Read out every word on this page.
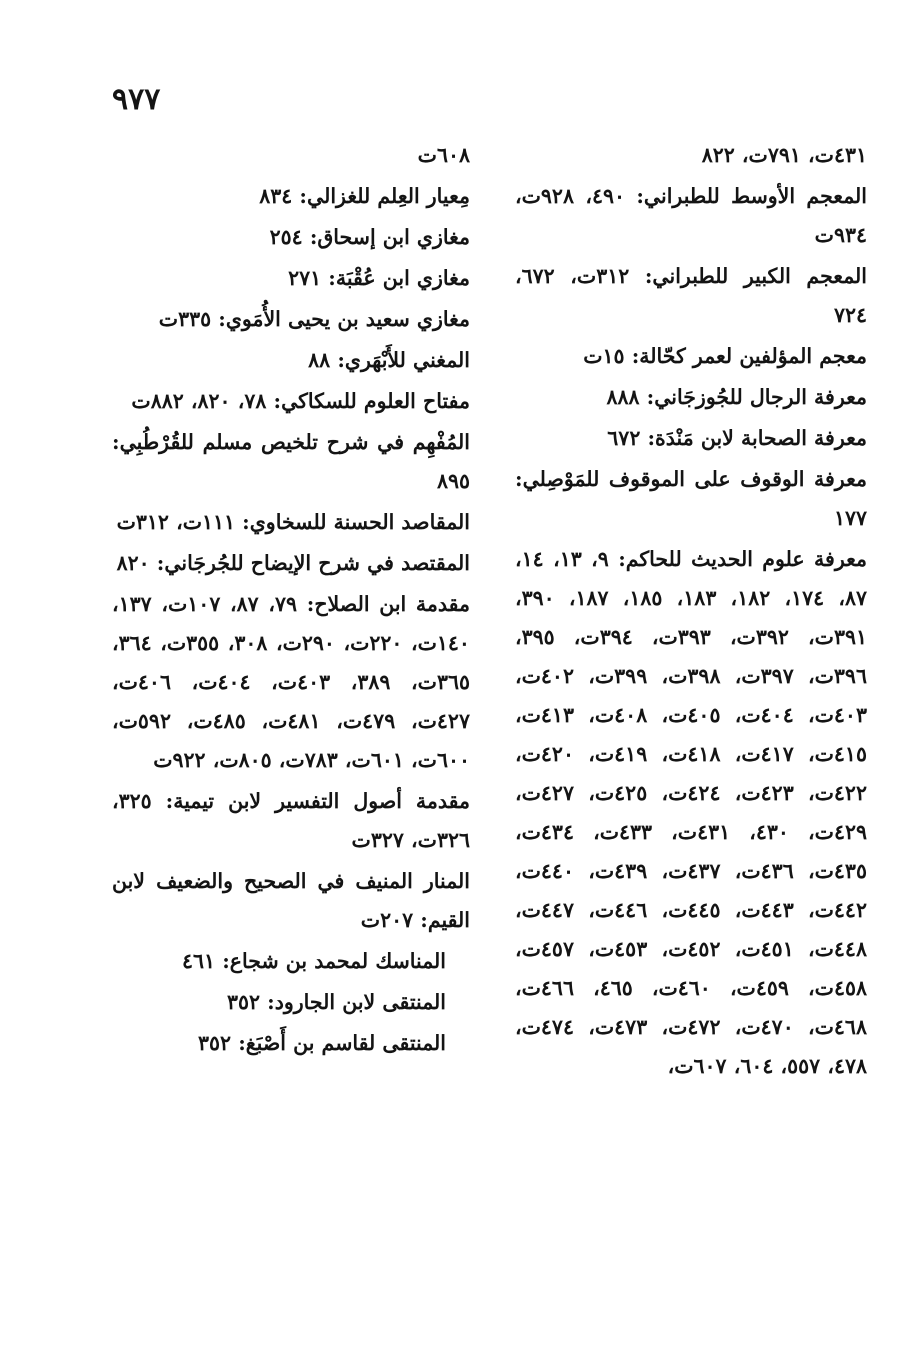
٩٧٧

٤٣١ت، ٧٩١ت، ٨٢٢

المعجم الأوسط للطبراني: ٤٩٠، ٩٢٨ت، ٩٣٤ت

المعجم الكبير للطبراني: ٣١٢ت، ٦٧٢، ٧٢٤

معجم المؤلفين لعمر كحّالة: ١٥ت

معرفة الرجال للجُوزجَاني: ٨٨٨

معرفة الصحابة لابن مَنْدَة: ٦٧٢

معرفة الوقوف على الموقوف للمَوْصِلي: ١٧٧

معرفة علوم الحديث للحاكم: ٩، ١٣، ١٤، ٨٧، ١٧٤، ١٨٢، ١٨٣، ١٨٥، ١٨٧، ٣٩٠، ٣٩١ت، ٣٩٢ت، ٣٩٣ت، ٣٩٤ت، ٣٩٥، ٣٩٦ت، ٣٩٧ت، ٣٩٨ت، ٣٩٩ت، ٤٠٢ت، ٤٠٣ت، ٤٠٤ت، ٤٠٥ت، ٤٠٨ت، ٤١٣ت، ٤١٥ت، ٤١٧ت، ٤١٨ت، ٤١٩ت، ٤٢٠ت، ٤٢٢ت، ٤٢٣ت، ٤٢٤ت، ٤٢٥ت، ٤٢٧ت، ٤٢٩ت، ٤٣٠، ٤٣١ت، ٤٣٣ت، ٤٣٤ت، ٤٣٥ت، ٤٣٦ت، ٤٣٧ت، ٤٣٩ت، ٤٤٠ت، ٤٤٢ت، ٤٤٣ت، ٤٤٥ت، ٤٤٦ت، ٤٤٧ت، ٤٤٨ت، ٤٥١ت، ٤٥٢ت، ٤٥٣ت، ٤٥٧ت، ٤٥٨ت، ٤٥٩ت، ٤٦٠ت، ٤٦٥، ٤٦٦ت، ٤٦٨ت، ٤٧٠ت، ٤٧٢ت، ٤٧٣ت، ٤٧٤ت، ٤٧٨، ٥٥٧، ٦٠٤، ٦٠٧ت،

٦٠٨ت

مِعيار العِلم للغزالي: ٨٣٤

مغازي ابن إسحاق: ٢٥٤

مغازي ابن عُقْبَة: ٢٧١

مغازي سعيد بن يحيى الأُمَوي: ٣٣٥ت

المغني للأَبْهَري: ٨٨

مفتاح العلوم للسكاكي: ٧٨، ٨٢٠، ٨٨٢ت

المُفْهِم في شرح تلخيص مسلم للقُرْطُبِي: ٨٩٥

المقاصد الحسنة للسخاوي: ١١١ت، ٣١٢ت

المقتصد في شرح الإيضاح للجُرجَاني: ٨٢٠

مقدمة ابن الصلاح: ٧٩، ٨٧، ١٠٧ت، ١٣٧، ١٤٠ت، ٢٢٠ت، ٢٩٠ت، ٣٠٨، ٣٥٥ت، ٣٦٤، ٣٦٥ت، ٣٨٩، ٤٠٣ت، ٤٠٤ت، ٤٠٦ت، ٤٢٧ت، ٤٧٩ت، ٤٨١ت، ٤٨٥ت، ٥٩٢ت، ٦٠٠ت، ٦٠١ت، ٧٨٣ت، ٨٠٥ت، ٩٢٢ت

مقدمة أصول التفسير لابن تيمية: ٣٢٥، ٣٢٦ت، ٣٢٧ت

المنار المنيف في الصحيح والضعيف لابن القيم: ٢٠٧ت

المناسك لمحمد بن شجاع: ٤٦١

المنتقى لابن الجارود: ٣٥٢

المنتقى لقاسم بن أَصْبَغ: ٣٥٢
